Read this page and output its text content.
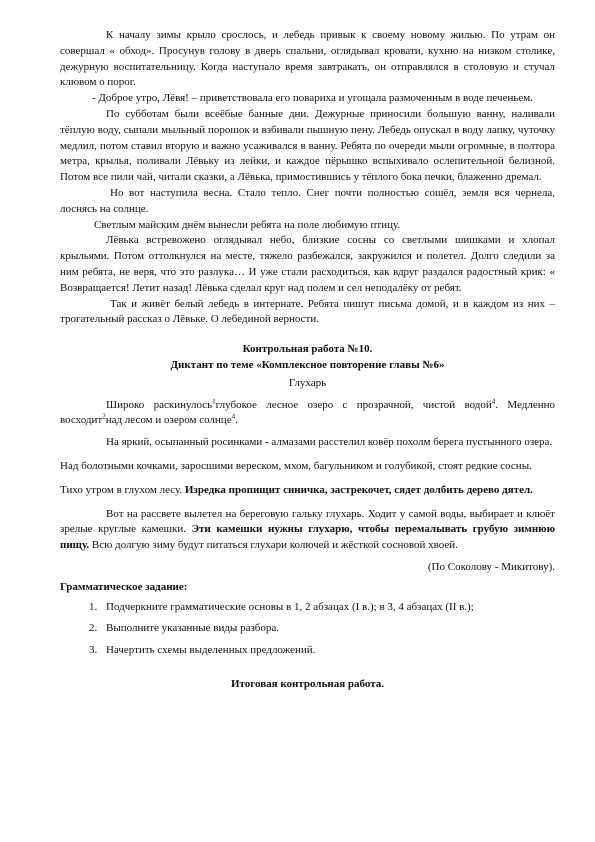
К началу зимы крыло срослось, и лебедь привык к своему новому жилью. По утрам он совершал « обход». Просунув голову в дверь спальни, оглядывал кровати, кухню на низком столике, дежурную воспитательницу. Когда наступало время завтракать, он отправлялся в столовую и стучал клювом о порог.

- Доброе утро, Лёвя! – приветствовала его повариха и угощала размоченным в воде печеньем.

По субботам были всеёбые банные дни. Дежурные приносили большую ванну, наливали тёплую воду, сыпали мыльный порошок и взбивали пышную пену. Лебедь опускал в воду лапку, чуточку медлил, потом ставил вторую и важно усаживался в ванну. Ребята по очереди мыли огромные, в полтора метра, крылья, поливали Лёвьку из лейки, и каждое пёрышко вспыхивало ослепительной белизной. Потом все пили чай, читали сказки, а Лёвька, примостившись у тёплого бока печки, блаженно дремал.

Но вот наступила весна. Стало тепло. Снег почти полностью сошёл, земля вся чернела, лоснясь на солнце.

Светлым майским днём вынесли ребята на поле любимую птицу.

Лёвька встревожено оглядывал небо, близкие сосны со светлыми шишками и хлопал крыльями. Потом оттолкнулся на месте, тяжело разбежался, закружился и полетел. Долго следили за ним ребята, не веря, что это разлука… И уже стали расходиться, как вдруг раздался радостный крик: « Возвращается! Летит назад! Лёвька сделал круг над полем и сел неподалёку от ребят.

Так и живёт белый лебедь в интернате. Ребята пишут письма домой, и в каждом из них – трогательный рассказ о Лёвьке. О лебединой верности.

Контрольная работа №10.

Диктант по теме «Комплексное повторение главы №6»

Глухарь

Широко раскинулось$^1$глубокое лесное озеро с прозрачной, чистой водой$^4$. Медленно восходит$^2$над лесом и озером солнце$^4$.

На яркий, осыпанный росинками - алмазами расстелил ковёр похолм берега пустынного озера.

Над болотными кочками, заросшими вереском, мхом, багульником и голубикой, стоят редкие сосны.

Тихо утром в глухом лесу. Изредка пропищит синичка, застрекочет, сядет долбить дерево дятел.

Вот на рассвете вылетел на береговую гальку глухарь. Ходит у самой воды, выбирает и клюёт зрелые круглые камешки. Эти камешки нужны глухарю, чтобы перемалывать грубую зимнюю пищу. Всю долгую зиму будут питаться глухари колючей и жёсткой сосновой хвоей.

(По Соколову - Микитову).

Грамматическое задание:

1. Подчеркните грамматические основы в 1, 2 абзацах (I в.); в 3, 4 абзацах (II в.);
2. Выполните указанные виды разбора.
3. Начертить схемы выделенных предложений.

Итоговая контрольная работа.
